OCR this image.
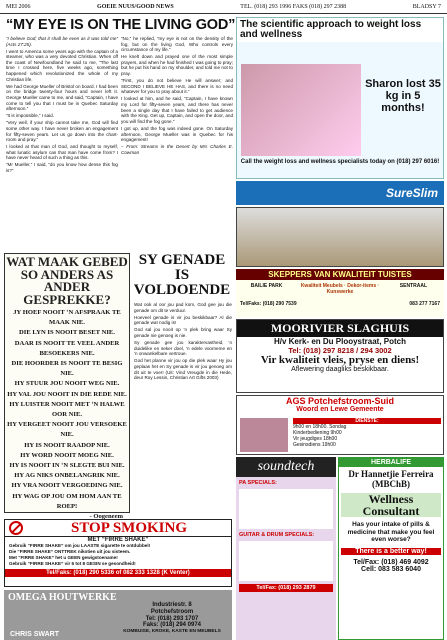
MEI 2006	GOEIE NUUS/GOOD NEWS	TEL. (018) 293 1996 FAKS (018) 297 2388	BLADSY 7
“MY EYE IS ON THE LIVING GOD”

“I believe God; that it shall be even as it was told me” (Acts 27:25).

I went to America some years ago with the captain of a steamer, who was a very devoted Christian. When off the coast of Newfoundland he said to me, “The last time I crossed here, five weeks ago, something happened which revolutionized the whole of my Christian life.

We had George Mueller of Bristol on board. I had been on the bridge twenty-four hours and never left it. George Mueller came to me, and said, “Captain, I have come to tell you that I must be in Quebec Saturday afternoon.”

“It is impossible,” I said.

“Very well, if your ship cannot take me, God will find some other way. I have never broken an engagement for fifty-seven years. Let us go down into the chart-room and pray.”

I looked at that man of God, and thought to myself, what lunatic asylum can that man have come from? I have never heard of such a thing as this.

“Mr Mueller,” I said, “do you know how dense this fog is?”

“No,” he replied, “my eye is not on the density of the fog, but on the living God, Who controls every circumstance of my life.”

He knelt down and prayed one of the most simple prayers, and when he had finished I was going to pray; but he put his hand on my shoulder, and told me not to pray.

“First, you do not believe He will answer; and SECOND I BELIEVE HE HAS, and there is no need whatever for you to pray about it.”

I looked at him, and he said, “Captain, I have known my Lord for fifty-seven years, and there has never been a single day that I have failed to get audience with the King. Get up, Captain, and open the door, and you will find the fog gone.”

I got up, and the fog was indeed gone. On Saturday afternoon, George Mueller was in Quebec for his engagement!

– From: Streams in the Desert by Mrs Charles E. Cowman

WAT MAAK GEBED SO ANDERS AS ANDER GESPREKKE?
JY HOEF NOOIT ‘N AFSPRAAK TE MAAK NIE.
DIE LYN IS NOOIT BESET NIE.
DAAR IS NOOIT TE VEEL ANDER BESOEKERS NIE.
DIE HOORDER IS NOOIT TE BESIG NIE.
HY STUUR JOU NOOIT WEG NIE.
HY VAL JOU NOOIT IN DIE REDE NIE.
HY LUISTER NOOIT MET ‘N HALWE OOR NIE.
HY VERGEET NOOIT JOU VERSOEKE NIE.
HY IS NOOIT RAADOP NIE.
HY WORD NOOIT MOEG NIE.
HY IS NOOIT IN ‘N SLEGTE BUI NIE.
HY AG NIKS ONBELANGRIK NIE.
HY VRA NOOIT VERGOEDING NIE.
HY WAG OP JOU OM HOM AAN TE ROEP!
- Oogeneem
SY GENADE IS VOLDOENDE

Wat ook al oor jou pad kom, God gee jou die genade om dit te verduur.

Hoeveel genade is vir jou beskikbaar? Al die genade wat nodig is!

God sal jou nooit op ‘n plek bring waar Sy genade nie genoeg is nie.

Sy genade gee jou karaktervastheid, ‘n duidelike en seker doel, ‘n edele voorneme en ‘n onwankelbare vertroue.

God het planne vir jou op die plek waar Hy jou geplaas het en Sy genade is vir jou genoeg om dit uit te voer! (Uit: Vind Vreugde in die Hede, deur Roy Lessin, Christian Art Gifts 2003)

STOP SMOKING
MET “FIRRE SHAKE”
Gebruik “FIRRE SHAKE” om jou LAASTE sigarette te ontdubbel!
Die “FIRRE SHAKE” ONTTREK nikotien uit jou sisteem.
Met “FIRRE SHAKE” het u GEEN gewigstoename!
Gebruik “FIRRE SHAKE” vir 6 tot 8 GESIN se gesondheid!
Tel/Faks: (018) 290 5336 of 082 333 1328 (K Venter)
OMEGA HOUTWERKE
Industriestr. 8
Potchefstroom
Tel: (018) 293 1707
Faks: (018) 294 0974
KOMBUISE, KROKE, KASTE EN MEUBELS
CHRIS SWART
The scientific approach to weight loss and wellness
Sharon lost 35 kg in 5 months!
Call the weight loss and wellness specialists today on (018) 297 6016!
SureSlim
SKEPPERS VAN KWALITEIT TUISTES
BAILIE PARK	Kwaliteit Meubels · Dekor-items · Kunswerke
SENTRAAL
Tel/Faks: (018) 290 7539	083 277 7167
MOORIVIER SLAGHUIS
H/v Kerk- en Du Plooystraat, Potch
Tel: (018) 297 8218 / 294 3002
Vir kwaliteit vleis, pryse en diens!
Aflewering daagliks beskikbaar.
AGS Potchefstroom-Suid
Woord en Lewe Gemeente
DIENSTE:
9h00 en 18h00. Sondag
Kinderbediening 9h00
Vir jeugdiges 18h00
Gesinsdiens 19h00
soundtech
PA SPECIALS:
GUITAR & DRUM SPECIALS:
Tel/Fax: (018) 293 2879
HERBALIFE
Dr Hannetjie Ferreira (MBChB)
Wellness Consultant
Has your intake of pills & medicine that make you feel even worse?
There is a better way!
Tel/Fax: (018) 469 4092
Cell: 083 583 6040
